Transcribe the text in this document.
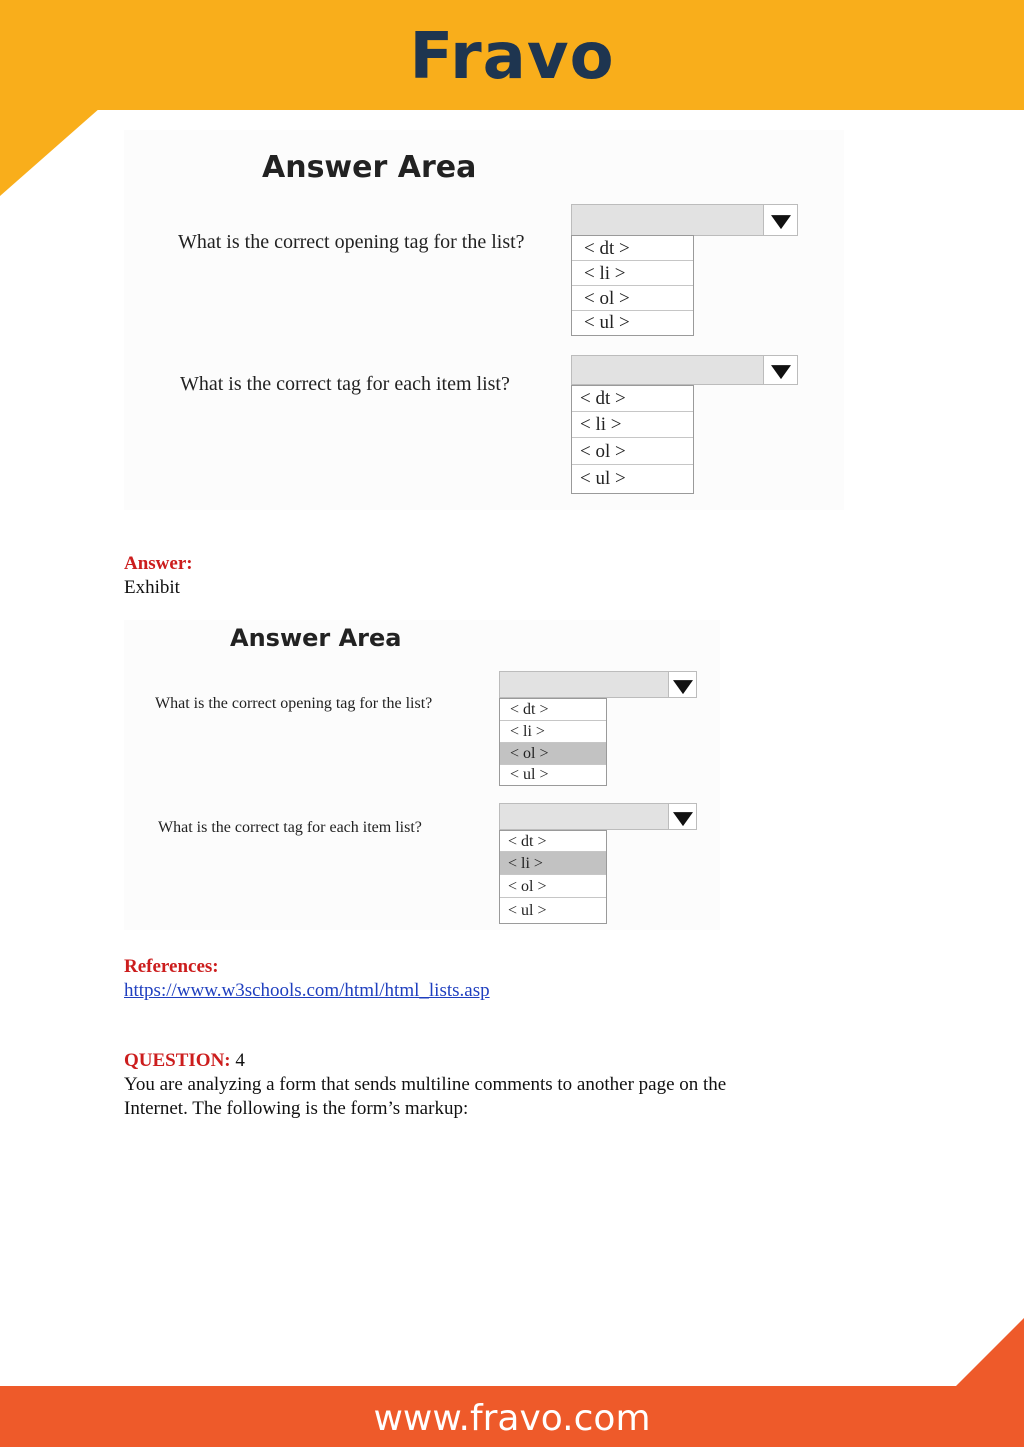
Fravo
Answer Area
What is the correct opening tag for the list?	< dt >
< li >
< ol >
< ul >
What is the correct tag for each item list?
< dt >
< li >
< ol >
< ul >
Answer:
Exhibit
Answer Area
What is the correct opening tag for the list?	< dt >
< li >
< ol >
< ul >
What is the correct tag for each item list?
< dt >
< li >
< ol >
< ul >
References:
https://www.w3schools.com/html/html_lists.asp
QUESTION: 4
You are analyzing a form that sends multiline comments to another page on the
Internet. The following is the form’s markup:
www.fravo.com
